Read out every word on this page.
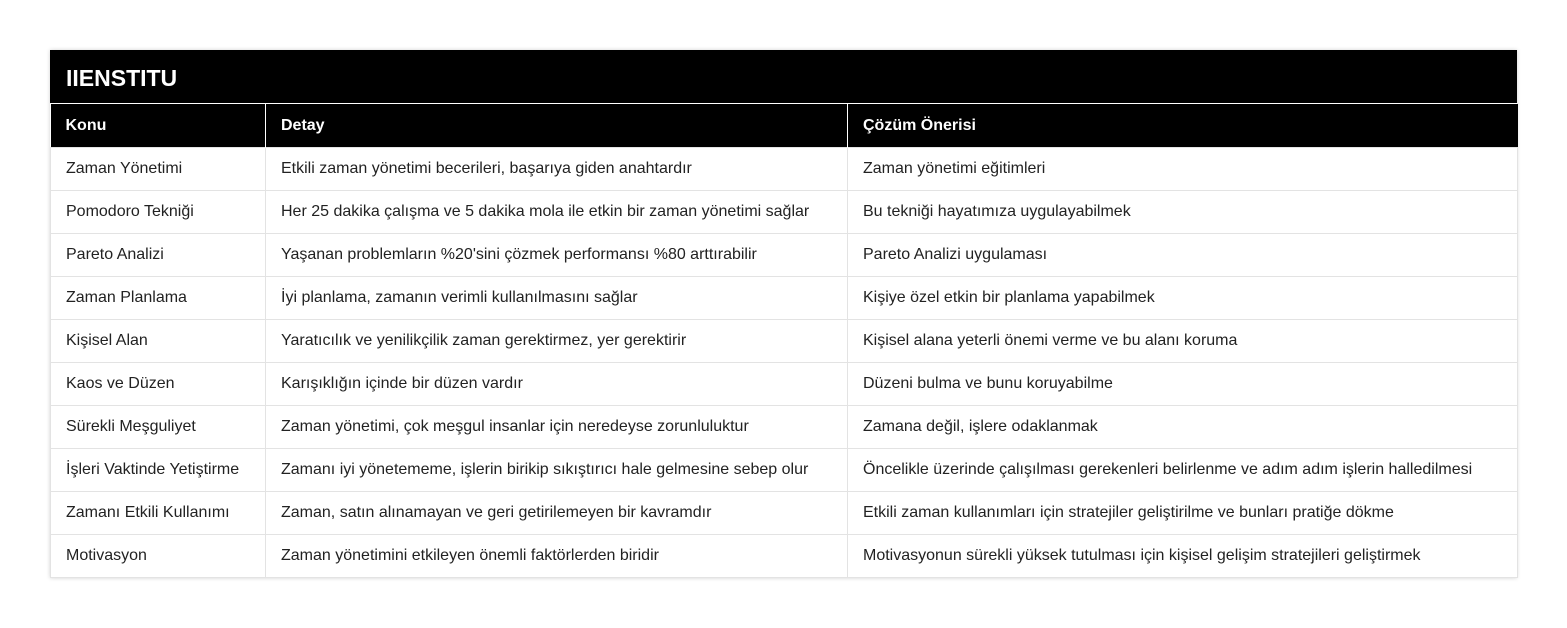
IIENSTITU
Konu	Detay	Çözüm Önerisi
Zaman Yönetimi	Etkili zaman yönetimi becerileri, başarıya giden anahtardır	Zaman yönetimi eğitimleri
Pomodoro Tekniği	Her 25 dakika çalışma ve 5 dakika mola ile etkin bir zaman yönetimi sağlar	Bu tekniği hayatımıza uygulayabilmek
Pareto Analizi	Yaşanan problemların %20'sini çözmek performansı %80 arttırabilir	Pareto Analizi uygulaması
Zaman Planlama	İyi planlama, zamanın verimli kullanılmasını sağlar	Kişiye özel etkin bir planlama yapabilmek
Kişisel Alan	Yaratıcılık ve yenilikçilik zaman gerektirmez, yer gerektirir	Kişisel alana yeterli önemi verme ve bu alanı koruma
Kaos ve Düzen	Karışıklığın içinde bir düzen vardır	Düzeni bulma ve bunu koruyabilme
Sürekli Meşguliyet	Zaman yönetimi, çok meşgul insanlar için neredeyse zorunluluktur	Zamana değil, işlere odaklanmak
İşleri Vaktinde Yetiştirme	Zamanı iyi yönetememe, işlerin birikip sıkıştırıcı hale gelmesine sebep olur	Öncelikle üzerinde çalışılması gerekenleri belirlenme ve adım adım işlerin halledilmesi
Zamanı Etkili Kullanımı	Zaman, satın alınamayan ve geri getirilemeyen bir kavramdır	Etkili zaman kullanımları için stratejiler geliştirilme ve bunları pratiğe dökme
Motivasyon	Zaman yönetimini etkileyen önemli faktörlerden biridir	Motivasyonun sürekli yüksek tutulması için kişisel gelişim stratejileri geliştirmek
